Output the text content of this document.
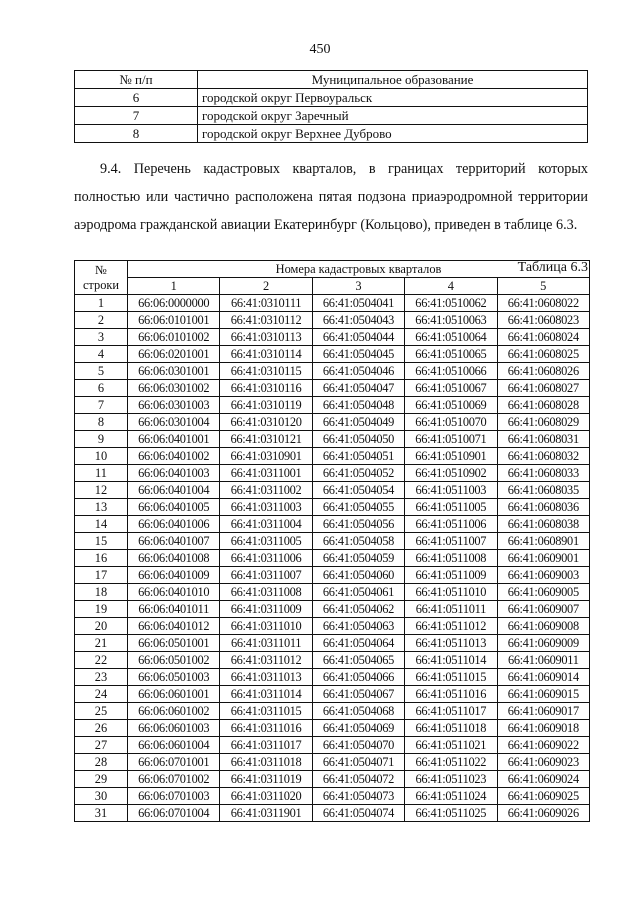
450
№ п/п	Муниципальное образование
6	городской округ Первоуральск
7	городской округ Заречный
8	городской округ Верхнее Дуброво

9.4. Перечень кадастровых кварталов, в границах территорий которых полностью или частично расположена пятая подзона приаэродромной территории аэродрома гражданской авиации Екатеринбург (Кольцово), приведен в таблице 6.3.

Таблица 6.3
№
строки	Номера кадастровых кварталов				
	1	2	3	4	5
1	66:06:0000000	66:41:0310111	66:41:0504041	66:41:0510062	66:41:0608022
2	66:06:0101001	66:41:0310112	66:41:0504043	66:41:0510063	66:41:0608023
3	66:06:0101002	66:41:0310113	66:41:0504044	66:41:0510064	66:41:0608024
4	66:06:0201001	66:41:0310114	66:41:0504045	66:41:0510065	66:41:0608025
5	66:06:0301001	66:41:0310115	66:41:0504046	66:41:0510066	66:41:0608026
6	66:06:0301002	66:41:0310116	66:41:0504047	66:41:0510067	66:41:0608027
7	66:06:0301003	66:41:0310119	66:41:0504048	66:41:0510069	66:41:0608028
8	66:06:0301004	66:41:0310120	66:41:0504049	66:41:0510070	66:41:0608029
9	66:06:0401001	66:41:0310121	66:41:0504050	66:41:0510071	66:41:0608031
10	66:06:0401002	66:41:0310901	66:41:0504051	66:41:0510901	66:41:0608032
11	66:06:0401003	66:41:0311001	66:41:0504052	66:41:0510902	66:41:0608033
12	66:06:0401004	66:41:0311002	66:41:0504054	66:41:0511003	66:41:0608035
13	66:06:0401005	66:41:0311003	66:41:0504055	66:41:0511005	66:41:0608036
14	66:06:0401006	66:41:0311004	66:41:0504056	66:41:0511006	66:41:0608038
15	66:06:0401007	66:41:0311005	66:41:0504058	66:41:0511007	66:41:0608901
16	66:06:0401008	66:41:0311006	66:41:0504059	66:41:0511008	66:41:0609001
17	66:06:0401009	66:41:0311007	66:41:0504060	66:41:0511009	66:41:0609003
18	66:06:0401010	66:41:0311008	66:41:0504061	66:41:0511010	66:41:0609005
19	66:06:0401011	66:41:0311009	66:41:0504062	66:41:0511011	66:41:0609007
20	66:06:0401012	66:41:0311010	66:41:0504063	66:41:0511012	66:41:0609008
21	66:06:0501001	66:41:0311011	66:41:0504064	66:41:0511013	66:41:0609009
22	66:06:0501002	66:41:0311012	66:41:0504065	66:41:0511014	66:41:0609011
23	66:06:0501003	66:41:0311013	66:41:0504066	66:41:0511015	66:41:0609014
24	66:06:0601001	66:41:0311014	66:41:0504067	66:41:0511016	66:41:0609015
25	66:06:0601002	66:41:0311015	66:41:0504068	66:41:0511017	66:41:0609017
26	66:06:0601003	66:41:0311016	66:41:0504069	66:41:0511018	66:41:0609018
27	66:06:0601004	66:41:0311017	66:41:0504070	66:41:0511021	66:41:0609022
28	66:06:0701001	66:41:0311018	66:41:0504071	66:41:0511022	66:41:0609023
29	66:06:0701002	66:41:0311019	66:41:0504072	66:41:0511023	66:41:0609024
30	66:06:0701003	66:41:0311020	66:41:0504073	66:41:0511024	66:41:0609025
31	66:06:0701004	66:41:0311901	66:41:0504074	66:41:0511025	66:41:0609026
